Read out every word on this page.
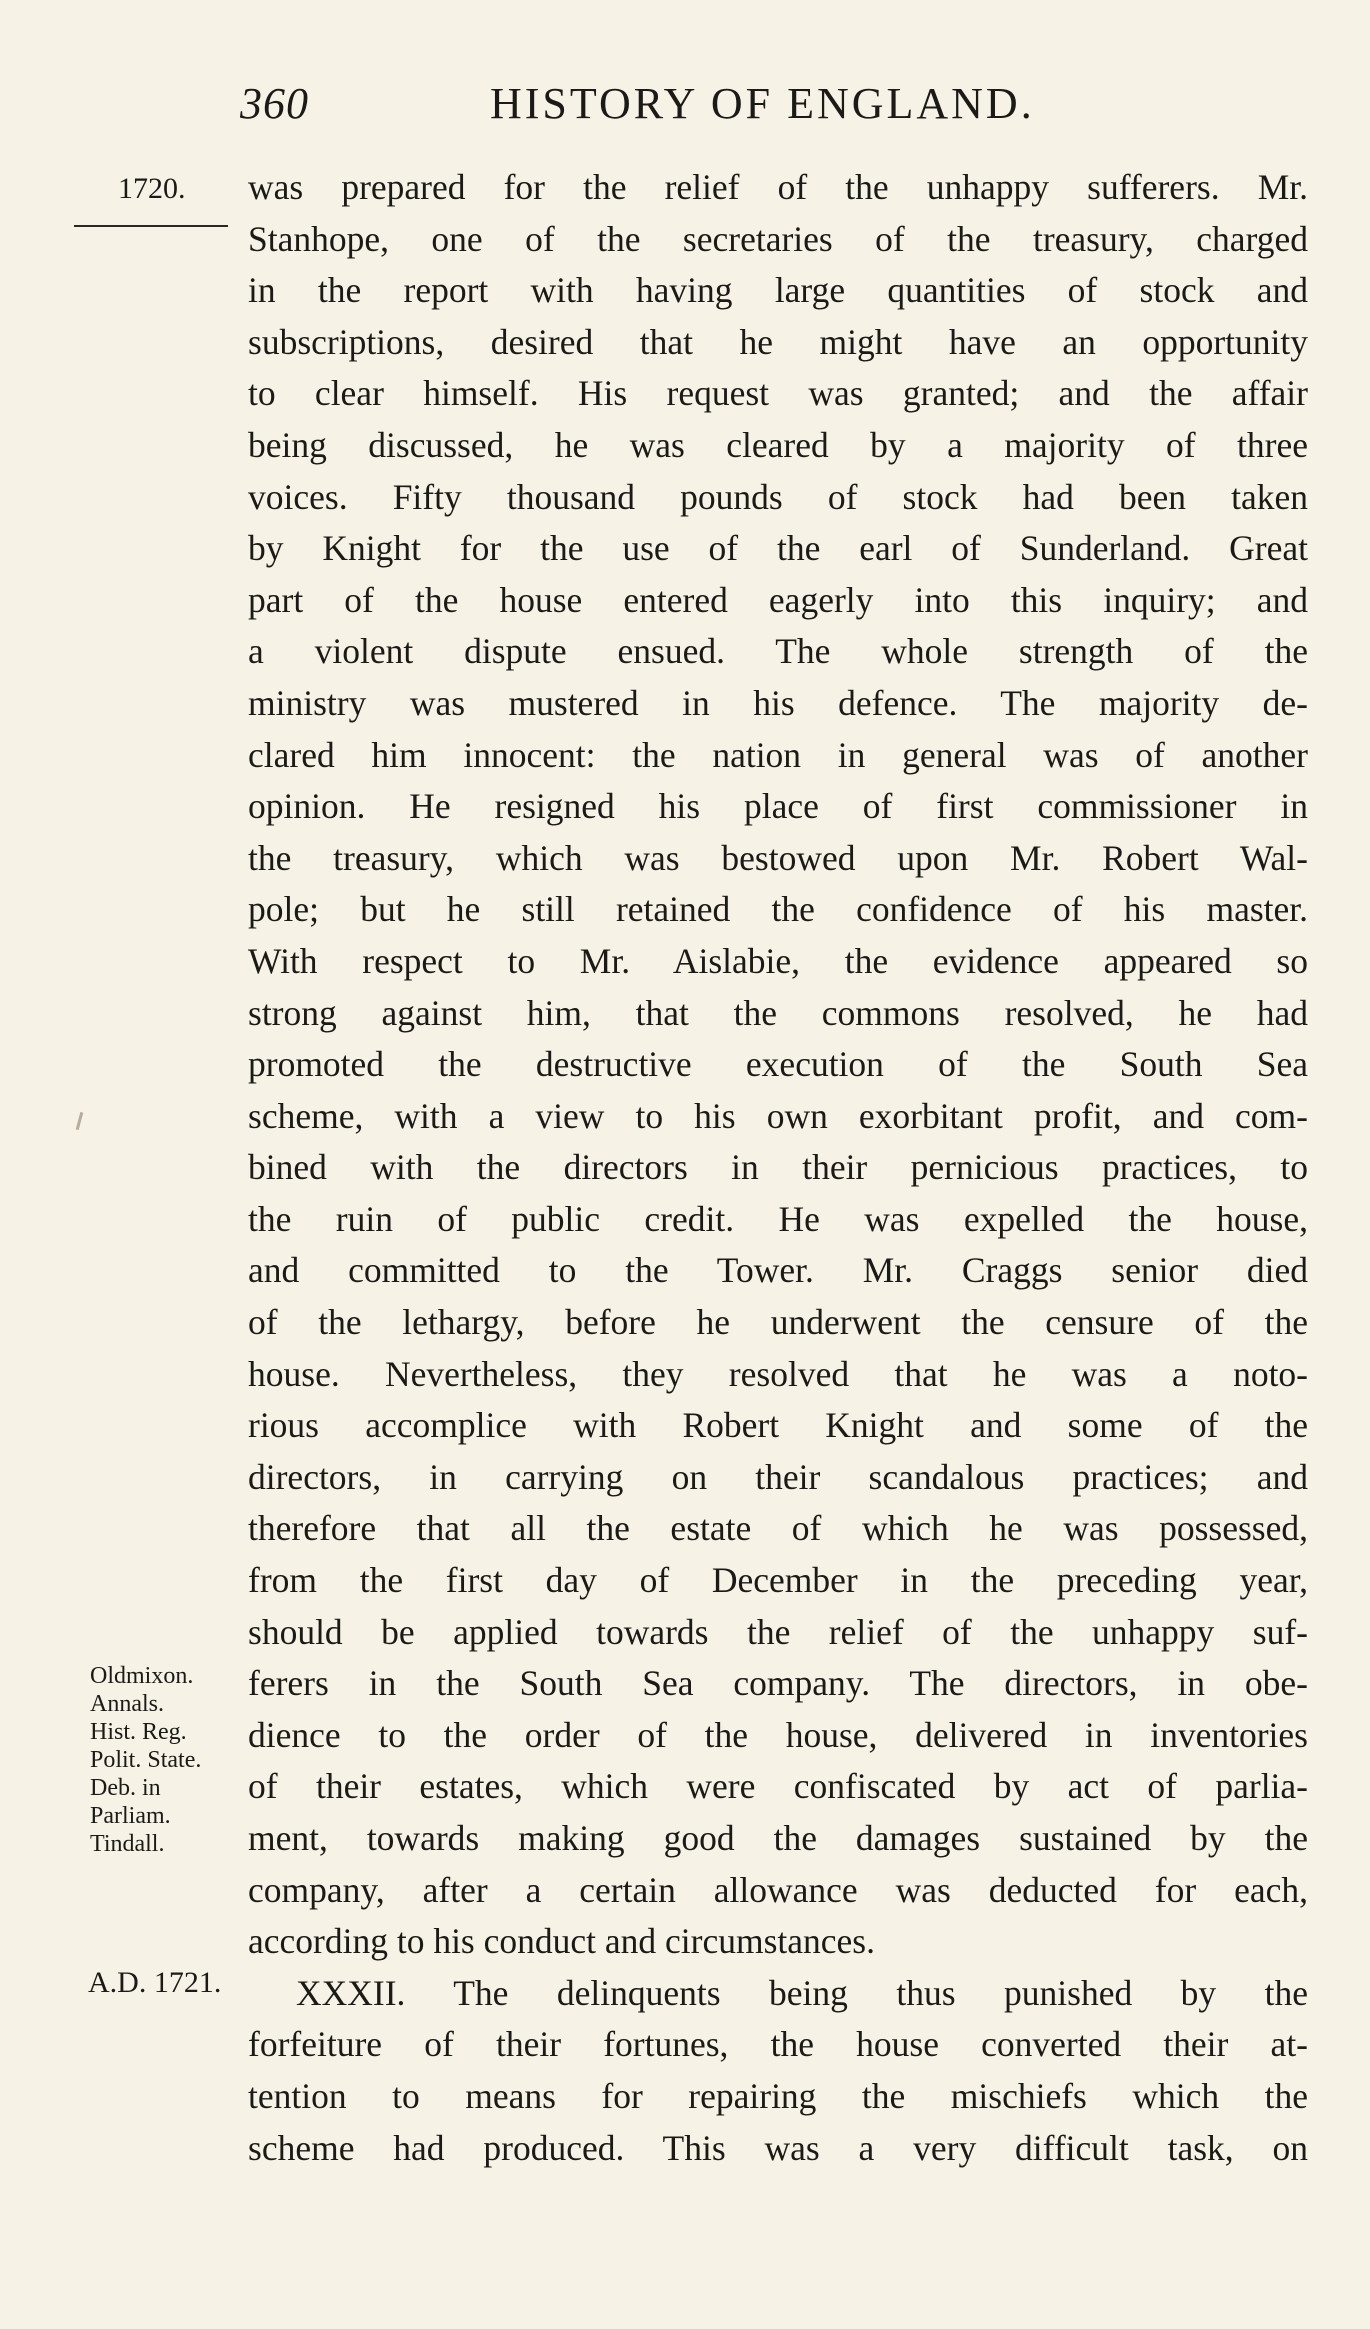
360	HISTORY OF ENGLAND.
1720. was prepared for the relief of the unhappy sufferers. Mr.
Stanhope, one of the secretaries of the treasury, charged
in the report with having large quantities of stock and
subscriptions, desired that he might have an opportunity
to clear himself. His request was granted; and the affair
being discussed, he was cleared by a majority of three
voices. Fifty thousand pounds of stock had been taken
by Knight for the use of the earl of Sunderland. Great
part of the house entered eagerly into this inquiry; and
a violent dispute ensued. The whole strength of the
ministry was mustered in his defence. The majority de-
clared him innocent: the nation in general was of another
opinion. He resigned his place of first commissioner in
the treasury, which was bestowed upon Mr. Robert Wal-
pole; but he still retained the confidence of his master.
With respect to Mr. Aislabie, the evidence appeared so
strong against him, that the commons resolved, he had
promoted the destructive execution of the South Sea
scheme, with a view to his own exorbitant profit, and com-
bined with the directors in their pernicious practices, to
the ruin of public credit. He was expelled the house,
and committed to the Tower. Mr. Craggs senior died
of the lethargy, before he underwent the censure of the
house. Nevertheless, they resolved that he was a noto-
rious accomplice with Robert Knight and some of the
directors, in carrying on their scandalous practices; and
therefore that all the estate of which he was possessed,
from the first day of December in the preceding year,
should be applied towards the relief of the unhappy suf-
ferers in the South Sea company. The directors, in obe-
dience to the order of the house, delivered in inventories
of their estates, which were confiscated by act of parlia-
ment, towards making good the damages sustained by the
company, after a certain allowance was deducted for each,
according to his conduct and circumstances.
XXXII. The delinquents being thus punished by the
forfeiture of their fortunes, the house converted their at-
tention to means for repairing the mischiefs which the
scheme had produced. This was a very difficult task, on
Oldmixon.
Annals.
Hist. Reg.
Polit. State.
Deb. in
Parliam.
Tindall.
A.D. 1721.
